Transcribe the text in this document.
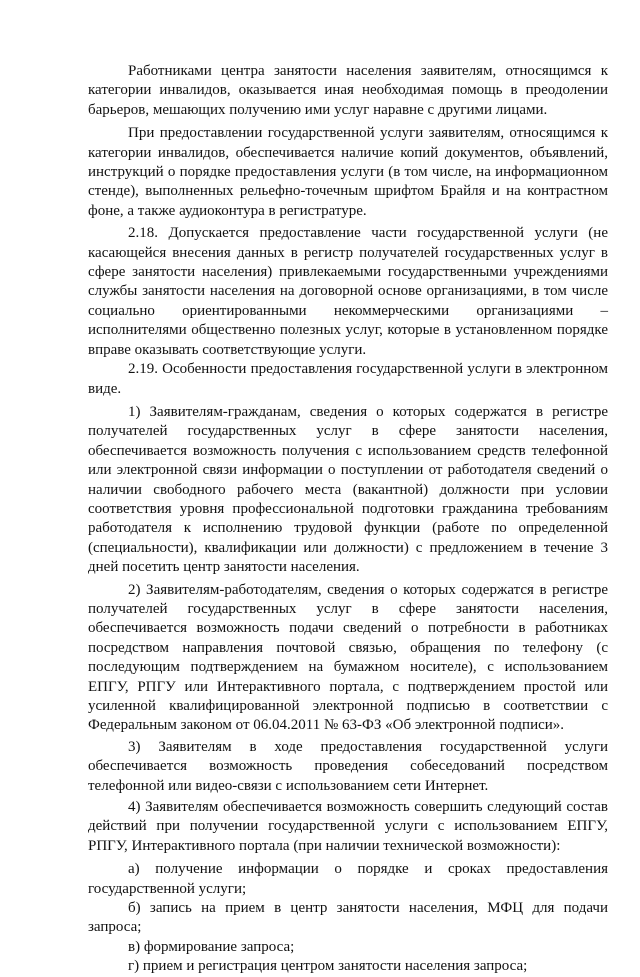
Работниками центра занятости населения заявителям, относящимся к категории инвалидов, оказывается иная необходимая помощь в преодолении барьеров, мешающих получению ими услуг наравне с другими лицами.

При предоставлении государственной услуги заявителям, относящимся к категории инвалидов, обеспечивается наличие копий документов, объявлений, инструкций о порядке предоставления услуги (в том числе, на информационном стенде), выполненных рельефно-точечным шрифтом Брайля и на контрастном фоне, а также аудиоконтура в регистратуре.

2.18. Допускается предоставление части государственной услуги (не касающейся внесения данных в регистр получателей государственных услуг в сфере занятости населения) привлекаемыми государственными учреждениями службы занятости населения на договорной основе организациями, в том числе социально ориентированными некоммерческими организациями – исполнителями общественно полезных услуг, которые в установленном порядке вправе оказывать соответствующие услуги.

2.19. Особенности предоставления государственной услуги в электронном виде.

1) Заявителям-гражданам, сведения о которых содержатся в регистре получателей государственных услуг в сфере занятости населения, обеспечивается возможность получения с использованием средств телефонной или электронной связи информации о поступлении от работодателя сведений о наличии свободного рабочего места (вакантной) должности при условии соответствия уровня профессиональной подготовки гражданина требованиям работодателя к исполнению трудовой функции (работе по определенной (специальности), квалификации или должности) с предложением в течение 3 дней посетить центр занятости населения.

2) Заявителям-работодателям, сведения о которых содержатся в регистре получателей государственных услуг в сфере занятости населения, обеспечивается возможность подачи сведений о потребности в работниках посредством направления почтовой связью, обращения по телефону (с последующим подтверждением на бумажном носителе), с использованием ЕПГУ, РПГУ или Интерактивного портала, с подтверждением простой или усиленной квалифицированной электронной подписью в соответствии с Федеральным законом от 06.04.2011 № 63-ФЗ «Об электронной подписи».

3) Заявителям в ходе предоставления государственной услуги обеспечивается возможность проведения собеседований посредством телефонной или видео-связи с использованием сети Интернет.

4) Заявителям обеспечивается возможность совершить следующий состав действий при получении государственной услуги с использованием ЕПГУ, РПГУ, Интерактивного портала (при наличии технической возможности):

а) получение информации о порядке и сроках предоставления государственной услуги;

б) запись на прием в центр занятости населения, МФЦ для подачи запроса;

в) формирование запроса;

г) прием и регистрация центром занятости населения запроса;
